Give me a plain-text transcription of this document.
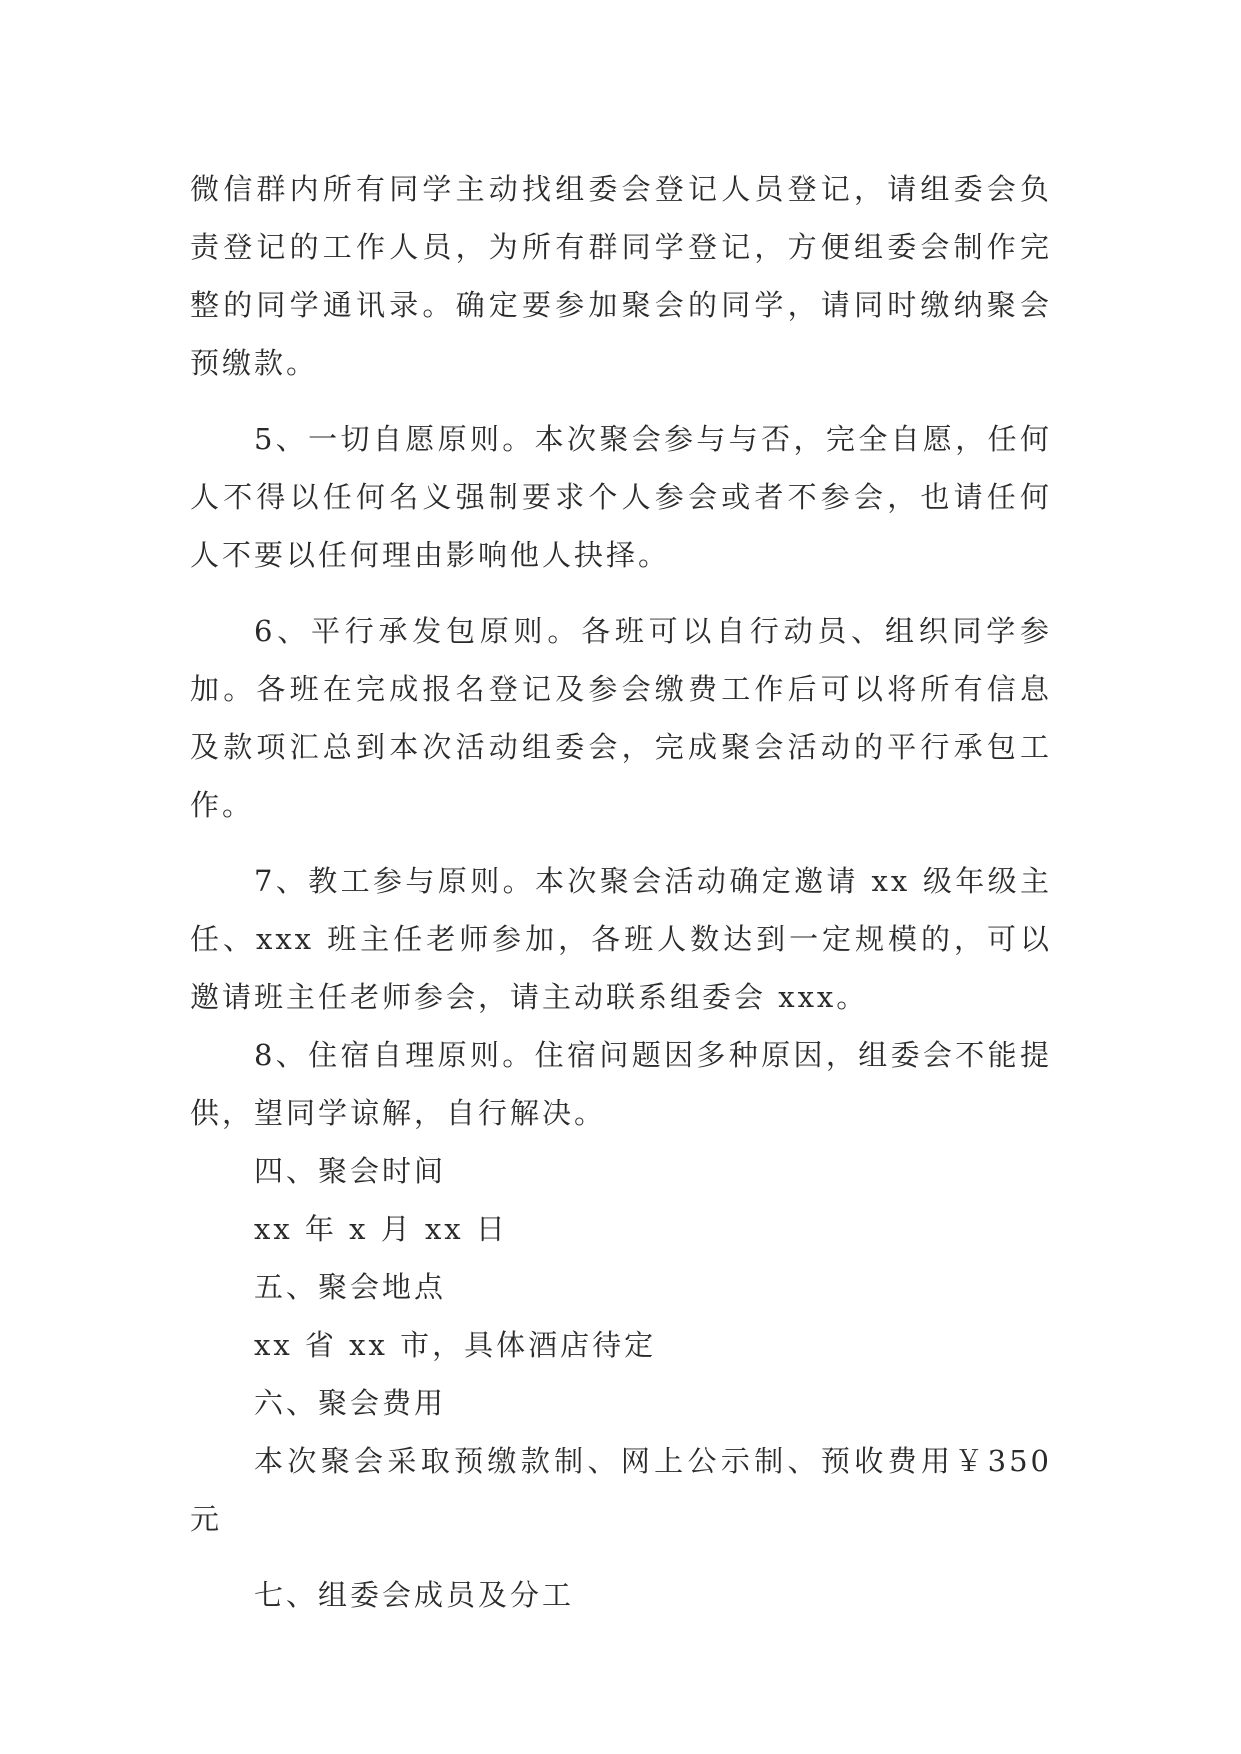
微信群内所有同学主动找组委会登记人员登记，请组委会负责登记的工作人员，为所有群同学登记，方便组委会制作完整的同学通讯录。确定要参加聚会的同学，请同时缴纳聚会预缴款。

5、一切自愿原则。本次聚会参与与否，完全自愿，任何人不得以任何名义强制要求个人参会或者不参会，也请任何人不要以任何理由影响他人抉择。

6、平行承发包原则。各班可以自行动员、组织同学参加。各班在完成报名登记及参会缴费工作后可以将所有信息及款项汇总到本次活动组委会，完成聚会活动的平行承包工作。

7、教工参与原则。本次聚会活动确定邀请 xx 级年级主任、xxx 班主任老师参加，各班人数达到一定规模的，可以邀请班主任老师参会，请主动联系组委会 xxx。

8、住宿自理原则。住宿问题因多种原因，组委会不能提供，望同学谅解，自行解决。

四、聚会时间

xx 年 x 月 xx 日

五、聚会地点

xx 省 xx 市，具体酒店待定

六、聚会费用

本次聚会采取预缴款制、网上公示制、预收费用￥350 元

七、组委会成员及分工
